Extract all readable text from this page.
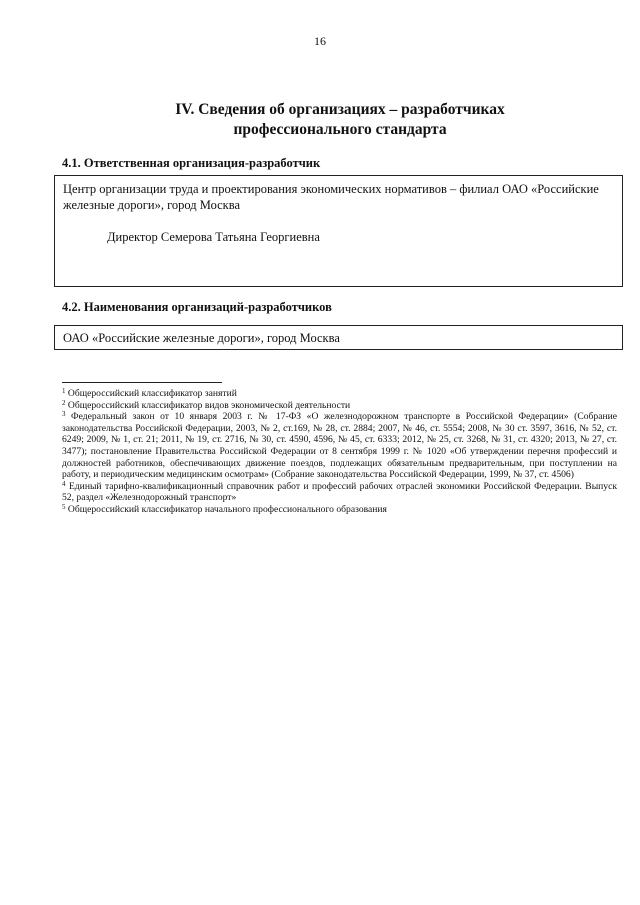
16
IV. Сведения об организациях – разработчиках
профессионального стандарта
4.1. Ответственная организация-разработчик

Центр организации труда и проектирования экономических нормативов – филиал ОАО «Российские железные дороги», город Москва

Директор Семерова Татьяна Георгиевна

4.2. Наименования организаций-разработчиков
ОАО «Российские железные дороги», город Москва

$^1$ Общероссийский классификатор занятий

$^2$ Общероссийский классификатор видов экономической деятельности

$^3$ Федеральный закон от 10 января 2003 г. № 17-ФЗ «О железнодорожном транспорте в Российской Федерации» (Собрание законодательства Российской Федерации, 2003, № 2, ст.169, № 28, ст. 2884; 2007, № 46, ст. 5554; 2008, № 30 ст. 3597, 3616, № 52, ст. 6249; 2009, № 1, ст. 21; 2011, № 19, ст. 2716, № 30, ст. 4590, 4596, № 45, ст. 6333; 2012, № 25, ст. 3268, № 31, ст. 4320; 2013, № 27, ст. 3477); постановление Правительства Российской Федерации от 8 сентября 1999 г. № 1020 «Об утверждении перечня профессий и должностей работников, обеспечивающих движение поездов, подлежащих обязательным предварительным, при поступлении на работу, и периодическим медицинским осмотрам» (Собрание законодательства Российской Федерации, 1999, № 37, ст. 4506)

$^4$ Единый тарифно-квалификационный справочник работ и профессий рабочих отраслей экономики Российской Федерации. Выпуск 52, раздел «Железнодорожный транспорт»

$^5$ Общероссийский классификатор начального профессионального образования
